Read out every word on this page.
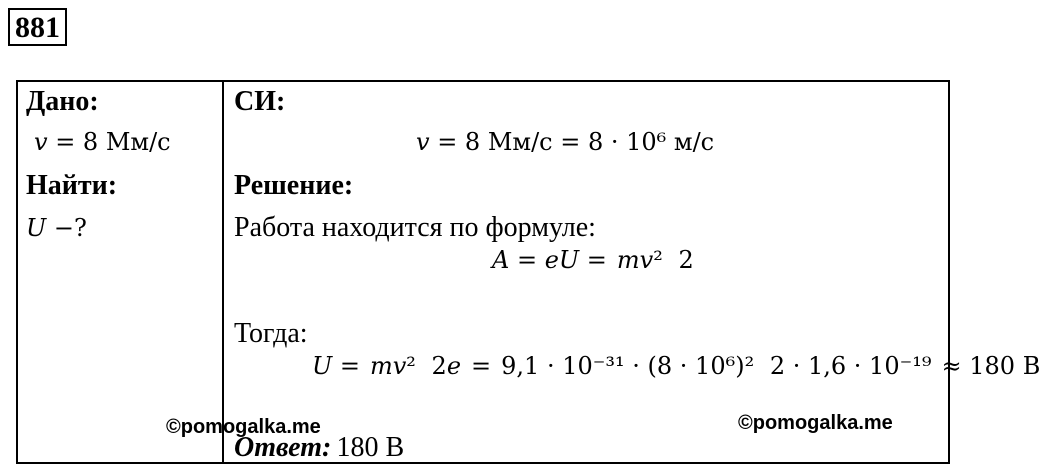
881
Дано:
𝑣 = 8 Мм/с
Найти:
𝑈 −?
СИ:
𝑣 = 8 Мм/с = 8 · 10⁶ м/с
Решение:
Работа находится по формуле:
𝐴 = 𝑒𝑈 = 𝑚𝑣² 2
Тогда:
𝑈 = 𝑚𝑣² 2𝑒 = 9,1 · 10⁻³¹ · (8 · 10⁶)² 2 · 1,6 · 10⁻¹⁹ ≈ 180 В
Ответ: 180 В
©pomogalka.me	©pomogalka.me
